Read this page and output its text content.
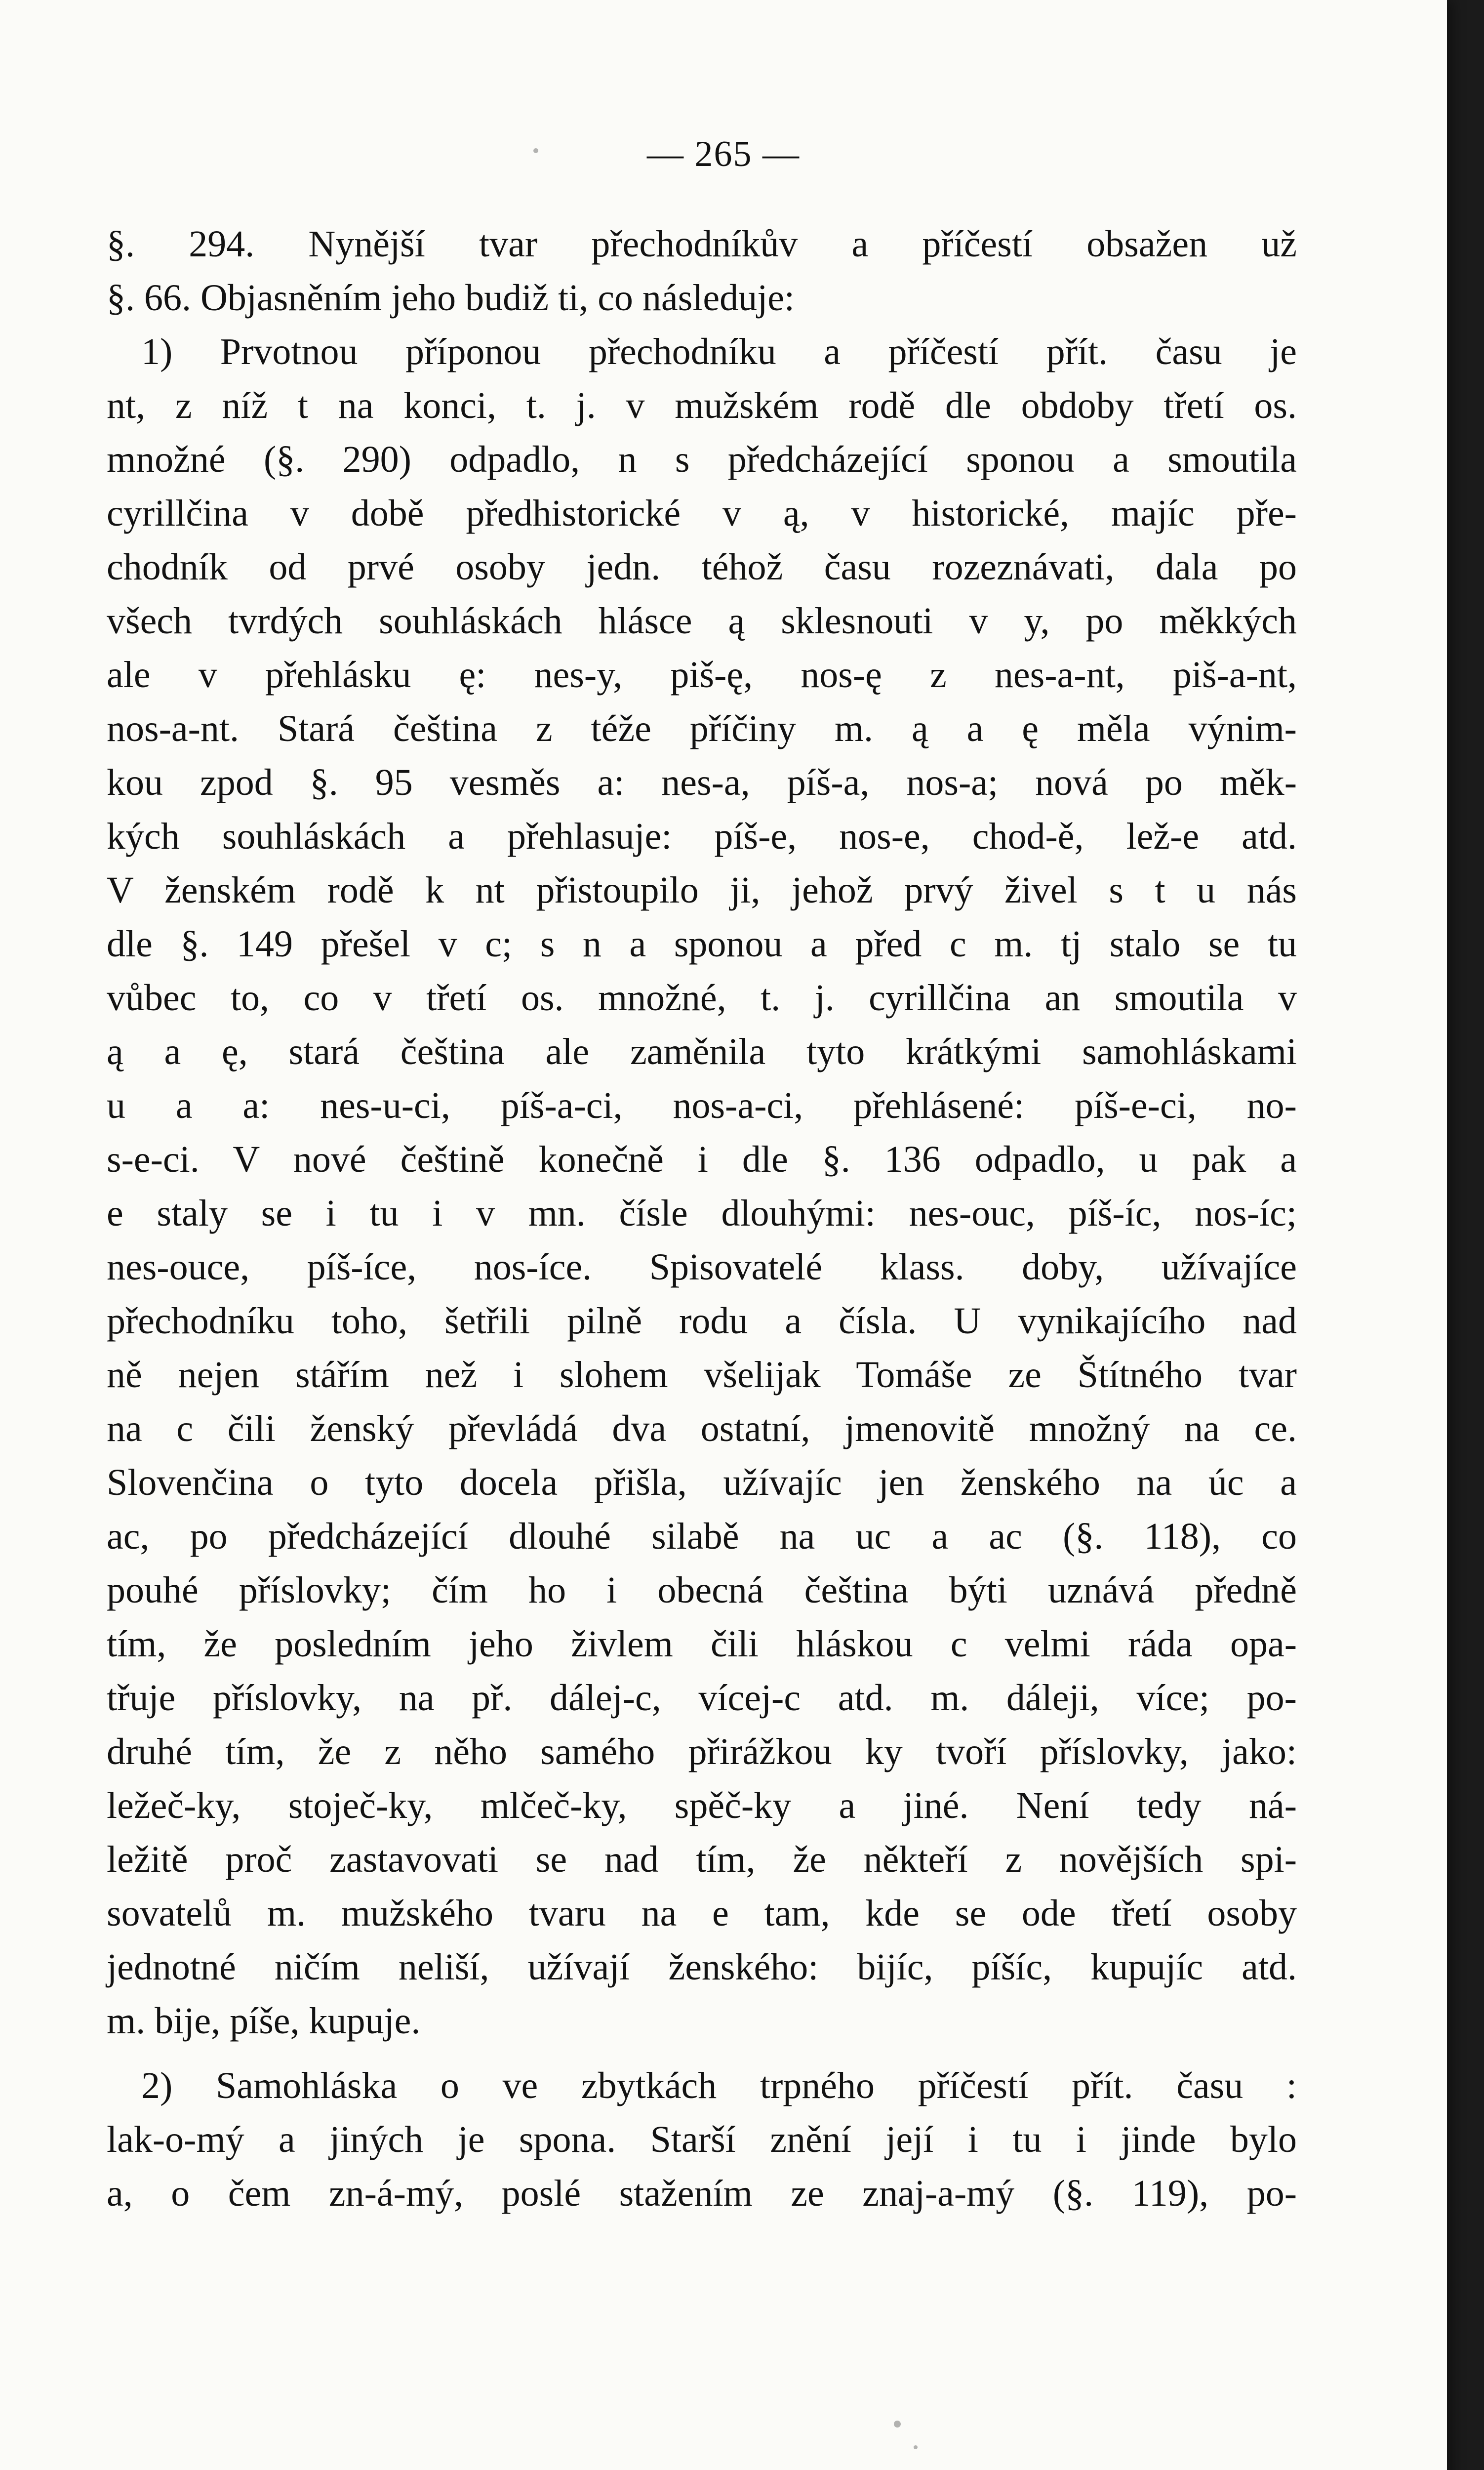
— 265 —
§. 294. Nynější tvar přechodníkův a příčestí obsažen už
§. 66. Objasněním jeho budiž ti, co následuje:
1) Prvotnou příponou přechodníku a příčestí přít. času je
nt, z níž t na konci, t. j. v mužském rodě dle obdoby třetí os.
množné (§. 290) odpadlo, n s předcházející sponou a smoutila
cyrillčina v době předhistorické v ą, v historické, majíc pře-
chodník od prvé osoby jedn. téhož času rozeznávati, dala po
všech tvrdých souhláskách hlásce ą sklesnouti v y, po měkkých
ale v přehlásku ę: nes-y, piš-ę, nos-ę z nes-a-nt, piš-a-nt,
nos-a-nt. Stará čeština z téže příčiny m. ą a ę měla výnim-
kou zpod §. 95 vesměs a: nes-a, píš-a, nos-a; nová po měk-
kých souhláskách a přehlasuje: píš-e, nos-e, chod-ě, lež-e atd.
V ženském rodě k nt přistoupilo ji, jehož prvý živel s t u nás
dle §. 149 přešel v c; s n a sponou a před c m. tj stalo se tu
vůbec to, co v třetí os. množné, t. j. cyrillčina an smoutila v
ą a ę, stará čeština ale zaměnila tyto krátkými samohláskami
u a a: nes-u-ci, píš-a-ci, nos-a-ci, přehlásené: píš-e-ci, no-
s-e-ci. V nové češtině konečně i dle §. 136 odpadlo, u pak a
e staly se i tu i v mn. čísle dlouhými: nes-ouc, píš-íc, nos-íc;
nes-ouce, píš-íce, nos-íce. Spisovatelé klass. doby, užívajíce
přechodníku toho, šetřili pilně rodu a čísla. U vynikajícího nad
ně nejen stářím než i slohem všelijak Tomáše ze Štítného tvar
na c čili ženský převládá dva ostatní, jmenovitě množný na ce.
Slovenčina o tyto docela přišla, užívajíc jen ženského na úc a
ac, po předcházející dlouhé silabě na uc a ac (§. 118), co
pouhé příslovky; čím ho i obecná čeština býti uznává předně
tím, že posledním jeho živlem čili hláskou c velmi ráda opa-
třuje příslovky, na př. dálej-c, vícej-c atd. m. dáleji, více; po-
druhé tím, že z něho samého přirážkou ky tvoří příslovky, jako:
ležeč-ky, stoječ-ky, mlčeč-ky, spěč-ky a jiné. Není tedy ná-
ležitě proč zastavovati se nad tím, že někteří z novějších spi-
sovatelů m. mužského tvaru na e tam, kde se ode třetí osoby
jednotné ničím neliší, užívají ženského: bijíc, píšíc, kupujíc atd.
m. bije, píše, kupuje.
2) Samohláska o ve zbytkách trpného příčestí přít. času :
lak-o-mý a jiných je spona. Starší znění její i tu i jinde bylo
a, o čem zn-á-mý, poslé stažením ze znaj-a-mý (§. 119), po-
